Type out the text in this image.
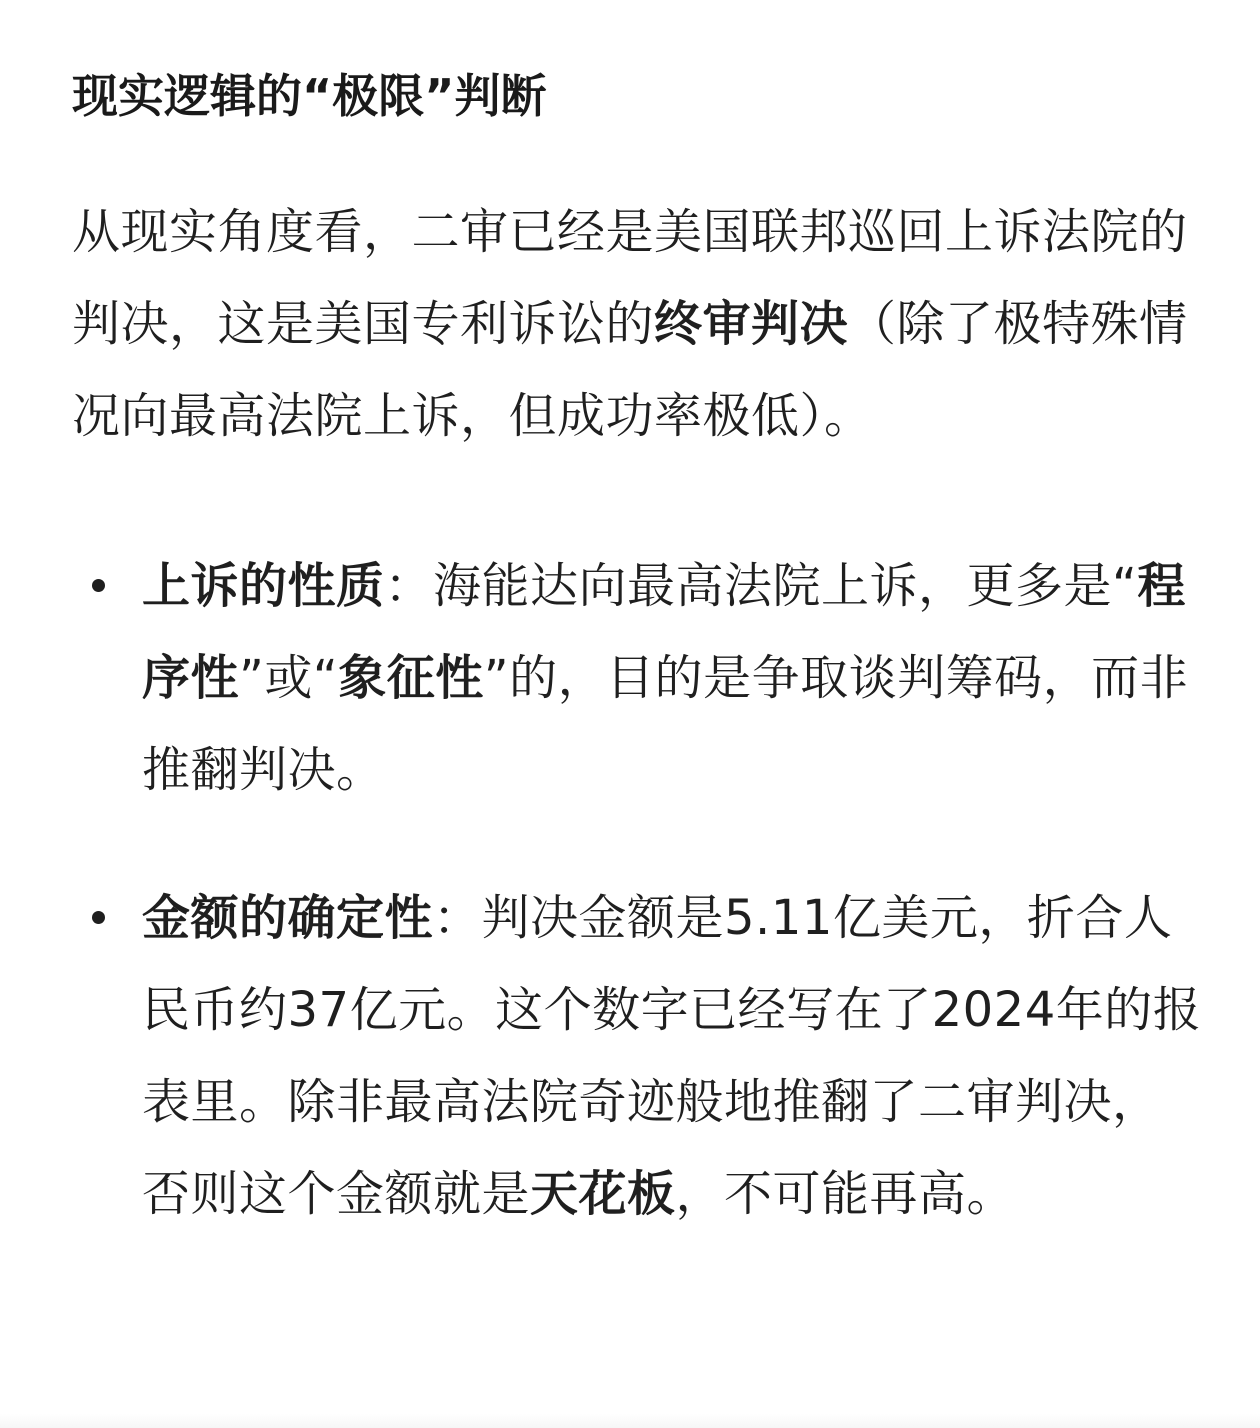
现实逻辑的“极限”判断

从现实角度看，二审已经是美国联邦巡回上诉法院的判决，这是美国专利诉讼的终审判决（除了极特殊情况向最高法院上诉，但成功率极低）。

上诉的性质：海能达向最高法院上诉，更多是“程序性”或“象征性”的，目的是争取谈判筹码，而非推翻判决。
金额的确定性：判决金额是5.11亿美元，折合人民币约37亿元。这个数字已经写在了2024年的报表里。除非最高法院奇迹般地推翻了二审判决，否则这个金额就是天花板，不可能再高。
